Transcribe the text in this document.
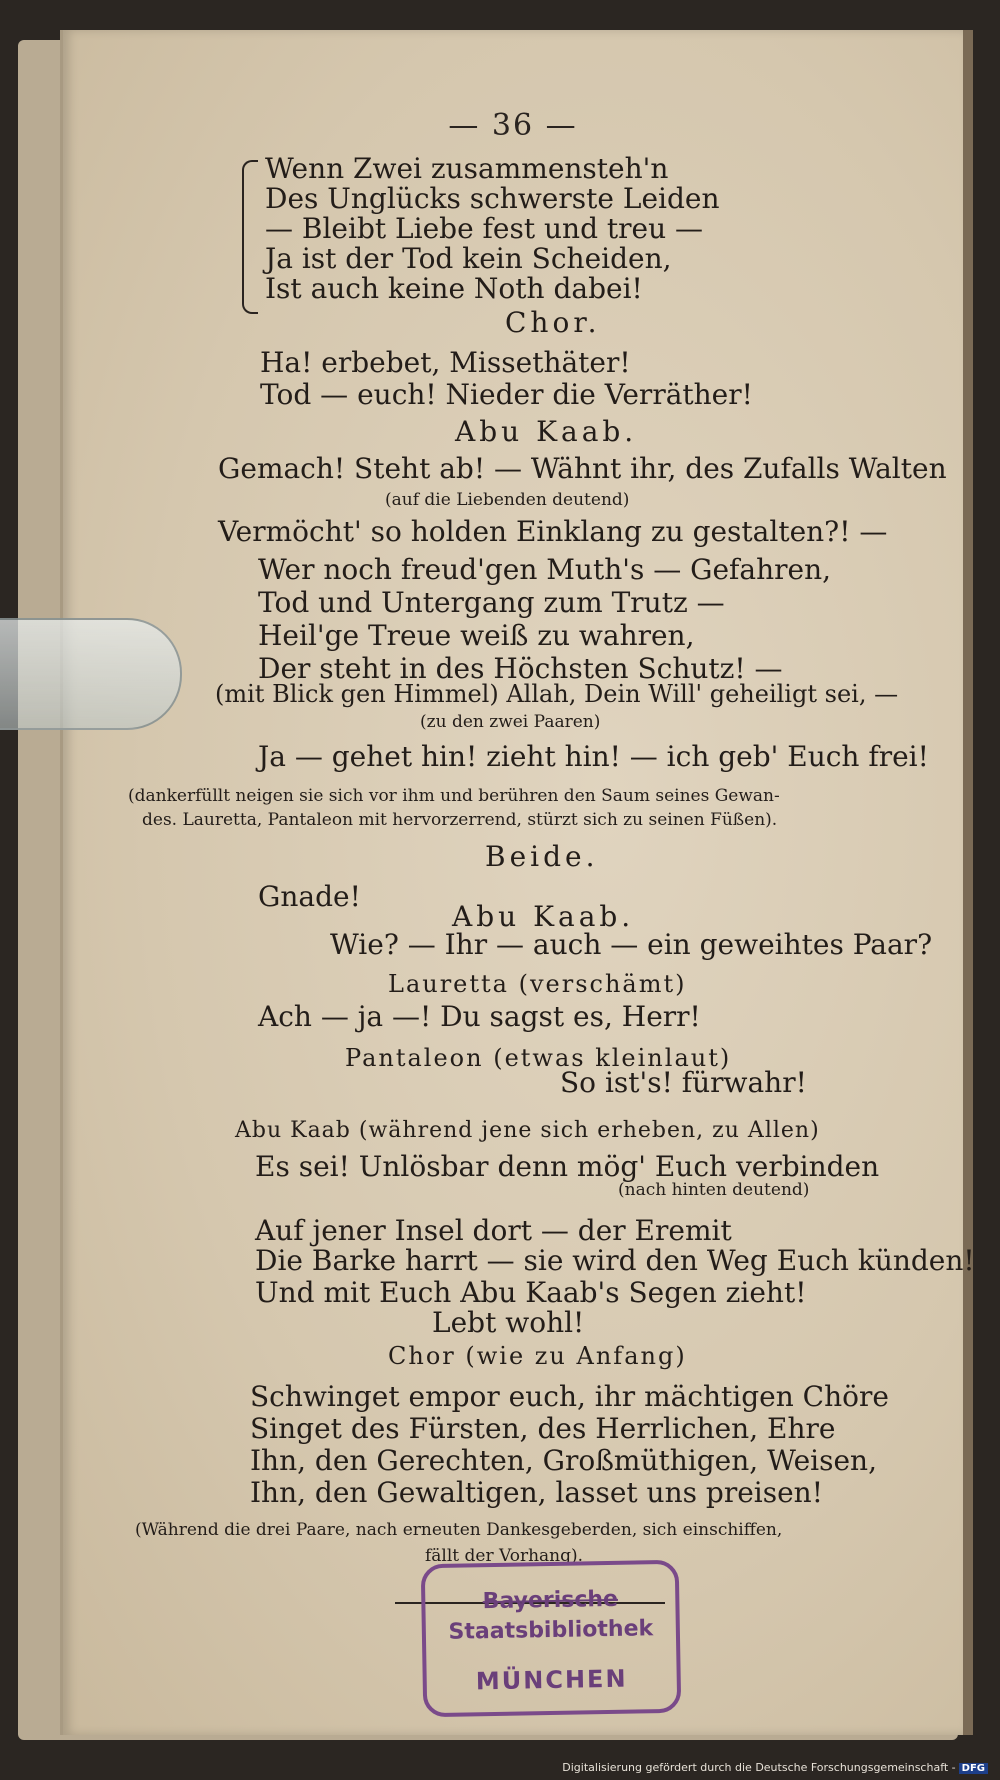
— 36 —
Wenn Zwei zusammensteh'n
Des Unglücks schwerste Leiden
— Bleibt Liebe fest und treu —
Ja ist der Tod kein Scheiden,
Ist auch keine Noth dabei!
Chor.
Ha! erbebet, Missethäter!
Tod — euch! Nieder die Verräther!
Abu Kaab.
Gemach! Steht ab! — Wähnt ihr, des Zufalls Walten
(auf die Liebenden deutend)
Vermöcht' so holden Einklang zu gestalten?! —
Wer noch freud'gen Muth's — Gefahren,
Tod und Untergang zum Trutz —
Heil'ge Treue weiß zu wahren,
Der steht in des Höchsten Schutz! —
(mit Blick gen Himmel) Allah, Dein Will' geheiligt sei, —
(zu den zwei Paaren)
Ja — gehet hin! zieht hin! — ich geb' Euch frei!
(dankerfüllt neigen sie sich vor ihm und berühren den Saum seines Gewan-
des. Lauretta, Pantaleon mit hervorzerrend, stürzt sich zu seinen Füßen).
Beide.
Gnade!
Abu Kaab.
Wie? — Ihr — auch — ein geweihtes Paar?
Lauretta (verschämt)
Ach — ja —! Du sagst es, Herr!
Pantaleon (etwas kleinlaut)
So ist's! fürwahr!
Abu Kaab (während jene sich erheben, zu Allen)
Es sei! Unlösbar denn mög' Euch verbinden
(nach hinten deutend)
Auf jener Insel dort — der Eremit
Die Barke harrt — sie wird den Weg Euch künden!
Und mit Euch Abu Kaab's Segen zieht!
Lebt wohl!
Chor (wie zu Anfang)
Schwinget empor euch, ihr mächtigen Chöre
Singet des Fürsten, des Herrlichen, Ehre
Ihn, den Gerechten, Großmüthigen, Weisen,
Ihn, den Gewaltigen, lasset uns preisen!
(Während die drei Paare, nach erneuten Dankesgeberden, sich einschiffen,
fällt der Vorhang).
Bayerische
Staatsbibliothek
MÜNCHEN
Digitalisierung gefördert durch die Deutsche Forschungsgemeinschaft - DFG
